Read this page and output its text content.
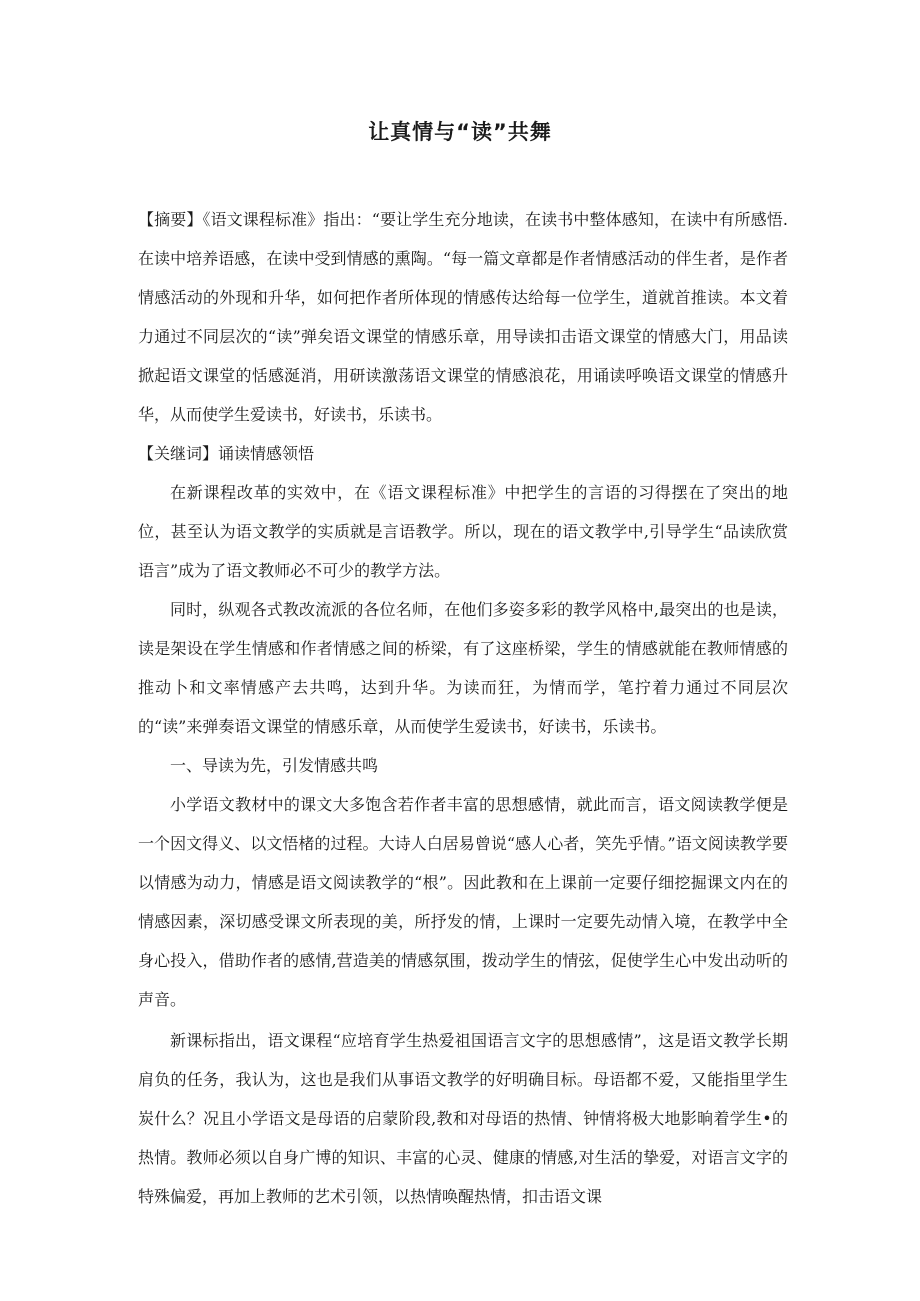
让真情与“读”共舞

【摘要】《语文课程标准》指出：“要让学生充分地读，在读书中整体感知，在读中有所感悟.在读中培养语感，在读中受到情感的熏陶。“每一篇文章都是作者情感活动的伴生者，是作者情感活动的外现和升华，如何把作者所体现的情感传达给每一位学生，道就首推读。本文着力通过不同层次的“读”弹矣语文课堂的情感乐章，用导读扣击语文课堂的情感大门，用品读掀起语文课堂的恬感涎消，用研读激荡语文课堂的情感浪花，用诵读呼唤语文课堂的情感升华，从而使学生爱读书，好读书，乐读书。

【关继词】诵读情感领悟

在新课程改革的实效中，在《语文课程标准》中把学生的言语的习得摆在了突出的地位，甚至认为语文教学的实质就是言语教学。所以，现在的语文教学中,引导学生“品读欣赏语言”成为了语文教师必不可少的教学方法。

同时，纵观各式教改流派的各位名师，在他们多姿多彩的教学风格中,最突出的也是读，读是架设在学生情感和作者情感之间的桥梁，有了这座桥梁，学生的情感就能在教师情感的推动卜和文率情感产去共鸣，达到升华。为读而狂，为情而学，笔拧着力通过不同层次的“读”来弹奏语文课堂的情感乐章，从而使学生爱读书，好读书，乐读书。

一、导读为先，引发情感共鸣

小学语文教材中的课文大多饱含若作者丰富的思想感情，就此而言，语文阅读教学便是一个因文得义、以文悟楮的过程。大诗人白居易曾说“感人心者，笑先乎情。”语文阅读教学要以情感为动力，情感是语文阅读教学的“根”。因此教和在上课前一定要仔细挖掘课文内在的情感因素，深切感受课文所表现的美，所抒发的情，上课时一定要先动情入境，在教学中全身心投入，借助作者的感情,营造美的情感氛围，拨动学生的情弦，促使学生心中发出动听的声音。

新课标指出，语文课程“应培育学生热爱祖国语言文字的思想感情”，这是语文教学长期肩负的任务，我认为，这也是我们从事语文教学的好明确目标。母语都不爱，又能指里学生炭什么？况且小学语文是母语的启蒙阶段,教和对母语的热情、钟情将极大地影晌着学生•的热情。教师必须以自身广博的知识、丰富的心灵、健康的情感,对生活的挚爱，对语言文字的特殊偏爱，再加上教师的艺术引领，以热情唤醒热情，扣击语文课
